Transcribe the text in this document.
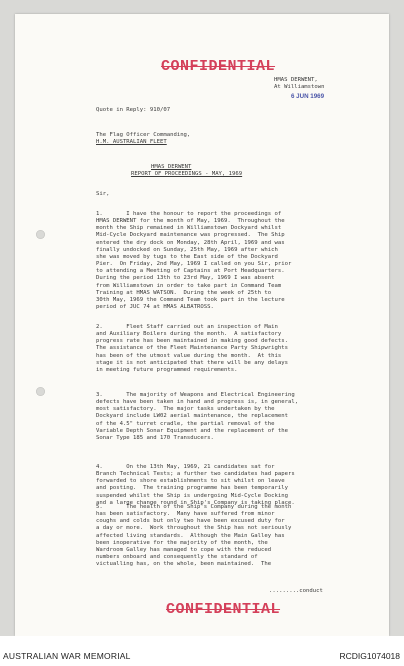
CONFIDENTIAL
HMAS DERWENT,
At Williamstown
6 JUN 1969
Quote in Reply: 910/07
The Flag Officer Commanding,
H.M. AUSTRALIAN FLEET
HMAS DERWENT
REPORT OF PROCEEDINGS - MAY, 1969
Sir,
1.       I have the honour to report the proceedings of
HMAS DERWENT for the month of May, 1969.  Throughout the
month the Ship remained in Williamstown Dockyard whilst
Mid-Cycle Dockyard maintenance was progressed.  The Ship
entered the dry dock on Monday, 28th April, 1969 and was
finally undocked on Sunday, 25th May, 1969 after which
she was moved by tugs to the East side of the Dockyard
Pier.  On Friday, 2nd May, 1969 I called on you Sir, prior
to attending a Meeting of Captains at Port Headquarters.
During the period 13th to 23rd May, 1969 I was absent
from Williamstown in order to take part in Command Team
Training at HMAS WATSON.  During the week of 25th to
30th May, 1969 the Command Team took part in the lecture
period of JUC 74 at HMAS ALBATROSS.
2.       Fleet Staff carried out an inspection of Main
and Auxiliary Boilers during the month.  A satisfactory
progress rate has been maintained in making good defects.
The assistance of the Fleet Maintenance Party Shipwrights
has been of the utmost value during the month.  At this
stage it is not anticipated that there will be any delays
in meeting future programmed requirements.
3.       The majority of Weapons and Electrical Engineering
defects have been taken in hand and progress is, in general,
most satisfactory.  The major tasks undertaken by the
Dockyard include LW02 aerial maintenance, the replacement
of the 4.5" turret cradle, the partial removal of the
Variable Depth Sonar Equipment and the replacement of the
Sonar Type 185 and 170 Transducers.
4.       On the 13th May, 1969, 21 candidates sat for
Branch Technical Tests; a further two candidates had papers
forwarded to shore establishments to sit whilst on leave
and posting.  The training programme has been temporarily
suspended whilst the Ship is undergoing Mid-Cycle Docking
and a large change round in Ship's Company is taking place.
5.       The health of the Ship's Company during the month
has been satisfactory.  Many have suffered from minor
coughs and colds but only two have been excused duty for
a day or more.  Work throughout the Ship has not seriously
affected living standards.  Although the Main Galley has
been inoperative for the majority of the month, the
Wardroom Galley has managed to cope with the reduced
numbers onboard and consequently the standard of
victualling has, on the whole, been maintained.  The
.........conduct
CONFIDENTIAL
AUSTRALIAN WAR MEMORIAL	RCDIG1074018
